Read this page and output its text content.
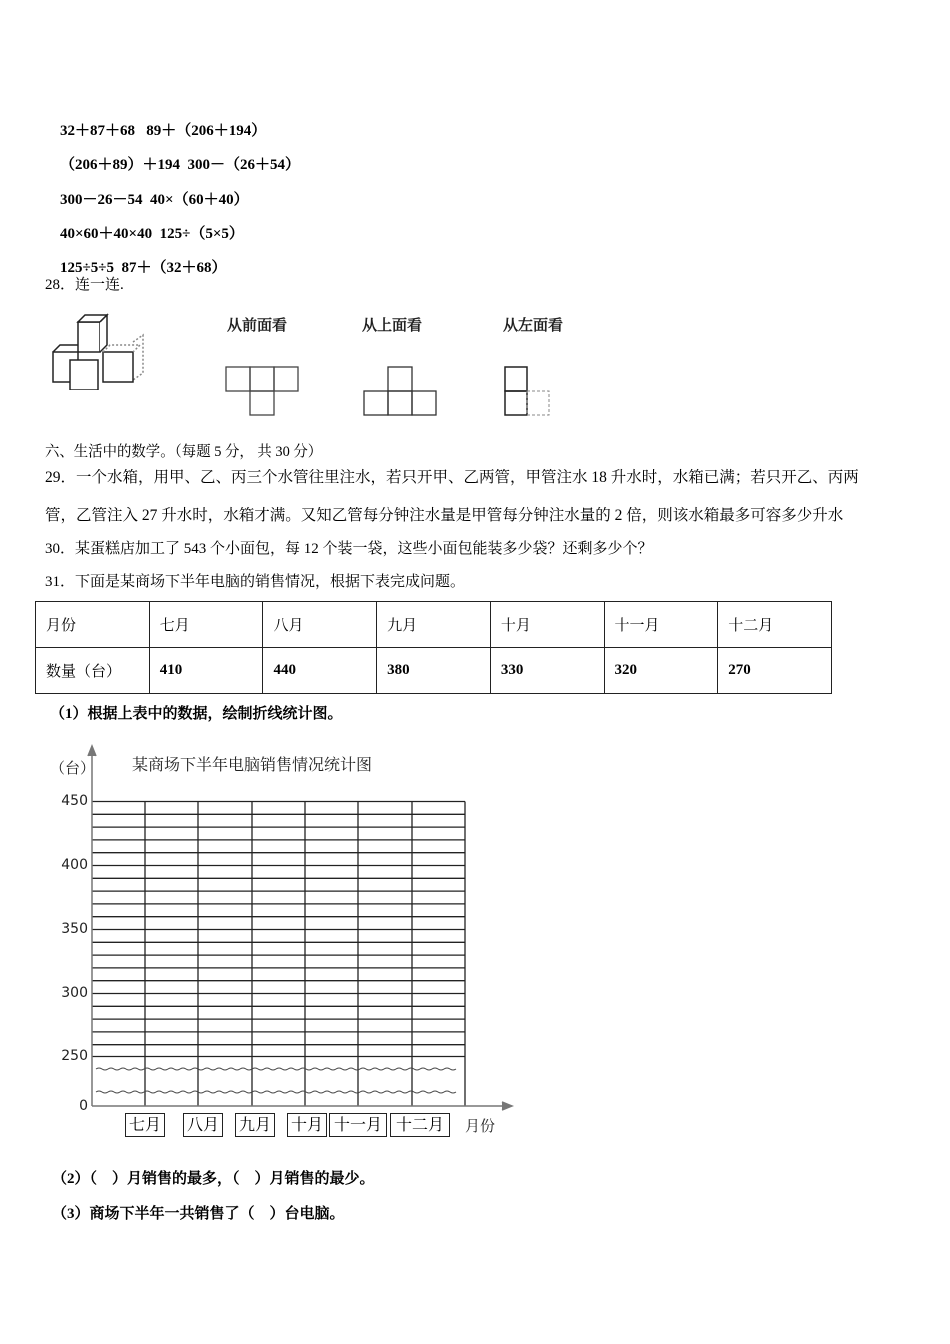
32＋87＋68 89＋（206＋194）

（206＋89）＋194 300－（26＋54）

300－26－54 40×（60＋40）

40×60＋40×40 125÷（5×5）

125÷5÷5 87＋（32＋68）

28．连一连.
从前面看	从上面看	从左面看
六、生活中的数学。（每题 5 分， 共 30 分）
29．一个水箱，用甲、乙、丙三个水管往里注水，若只开甲、乙两管，甲管注水 18 升水时，水箱已满；若只开乙、丙两
管，乙管注入 27 升水时，水箱才满。又知乙管每分钟注水量是甲管每分钟注水量的 2 倍，则该水箱最多可容多少升水
30．某蛋糕店加工了 543 个小面包，每 12 个装一袋，这些小面包能装多少袋？还剩多少个？
31．下面是某商场下半年电脑的销售情况，根据下表完成问题。
月份	七月	八月	九月	十月	十一月	十二月
数量（台）	410	440	380	330	320	270
（1）根据上表中的数据，绘制折线统计图。
（台） 某商场下半年电脑销售情况统计图
450
400
350
300
250
0
七月 八月 九月 十月 十一月 十二月	月份
（2）（    ）月销售的最多，（    ）月销售的最少。
（3）商场下半年一共销售了（    ）台电脑。
